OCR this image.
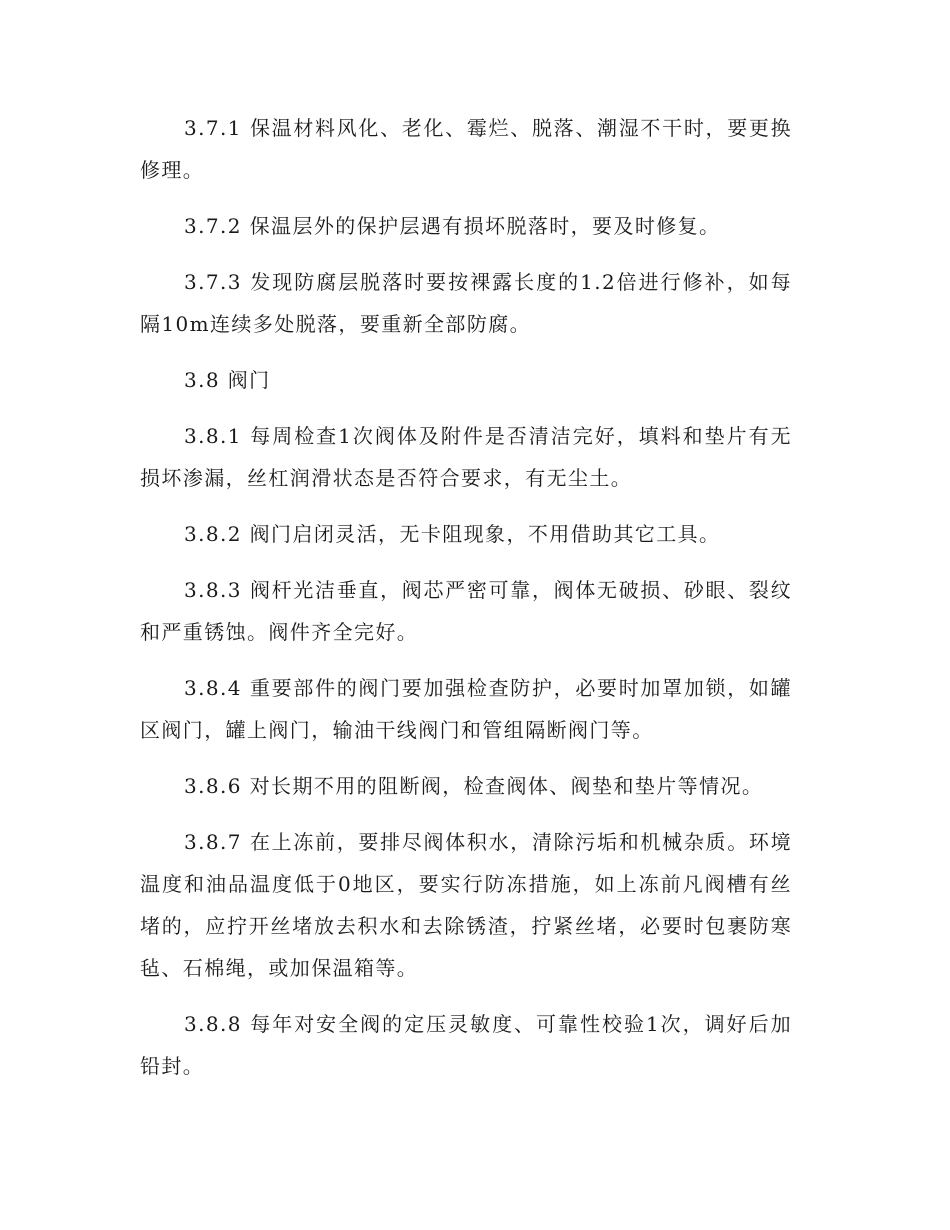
3.7.1 保温材料风化、老化、霉烂、脱落、潮湿不干时，要更换修理。

3.7.2 保温层外的保护层遇有损坏脱落时，要及时修复。

3.7.3 发现防腐层脱落时要按裸露长度的1.2倍进行修补，如每隔10m连续多处脱落，要重新全部防腐。

3.8 阀门

3.8.1 每周检查1次阀体及附件是否清洁完好，填料和垫片有无损坏渗漏，丝杠润滑状态是否符合要求，有无尘土。

3.8.2 阀门启闭灵活，无卡阻现象，不用借助其它工具。

3.8.3 阀杆光洁垂直，阀芯严密可靠，阀体无破损、砂眼、裂纹和严重锈蚀。阀件齐全完好。

3.8.4 重要部件的阀门要加强检查防护，必要时加罩加锁，如罐区阀门，罐上阀门，输油干线阀门和管组隔断阀门等。

3.8.6 对长期不用的阻断阀，检查阀体、阀垫和垫片等情况。

3.8.7 在上冻前，要排尽阀体积水，清除污垢和机械杂质。环境温度和油品温度低于0地区，要实行防冻措施，如上冻前凡阀槽有丝堵的，应拧开丝堵放去积水和去除锈渣，拧紧丝堵，必要时包裹防寒毡、石棉绳，或加保温箱等。

3.8.8 每年对安全阀的定压灵敏度、可靠性校验1次，调好后加铅封。
